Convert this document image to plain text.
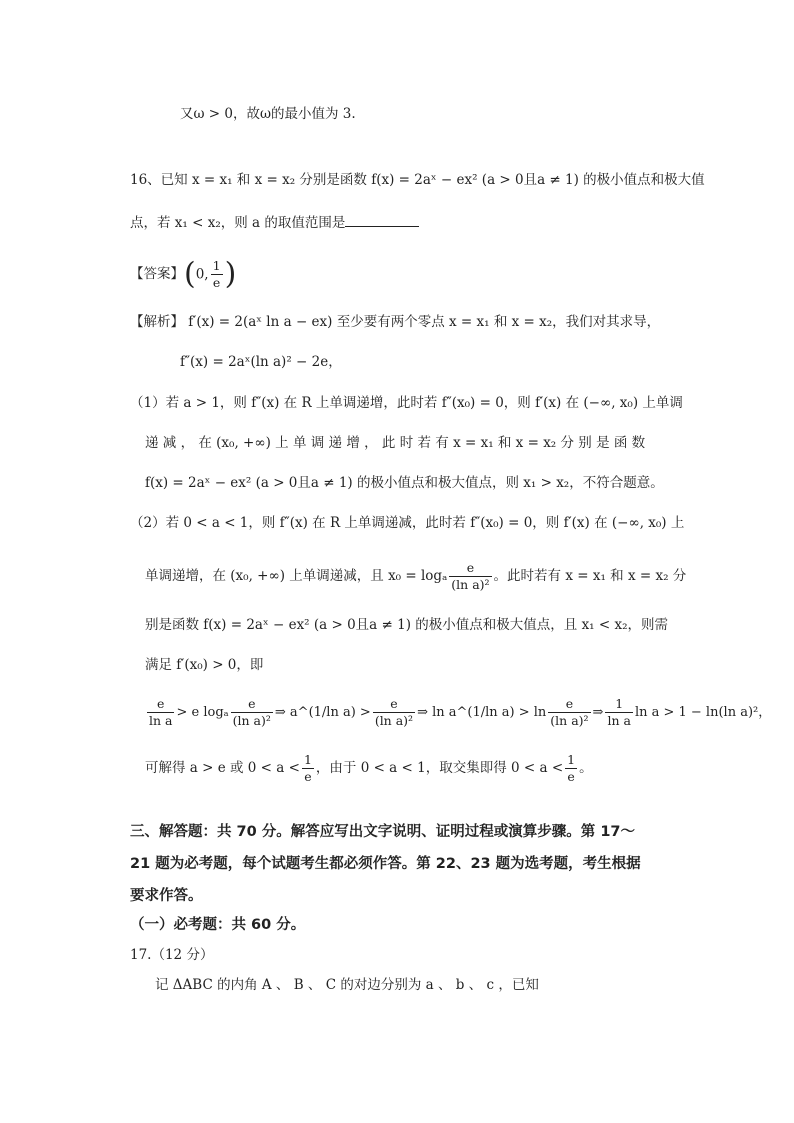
又ω > 0，故ω的最小值为 3.
16、已知 x = x₁ 和 x = x₂ 分别是函数 f(x) = 2aˣ − ex² (a > 0且a ≠ 1) 的极小值点和极大值
点，若 x₁ < x₂，则 a 的取值范围是
【答案】(0, $\frac{1}{e}$ )
【解析】 f′(x) = 2(aˣ ln a − ex) 至少要有两个零点 x = x₁ 和 x = x₂，我们对其求导，
f″(x) = 2aˣ(ln a)² − 2e，
（1）若 a > 1，则 f″(x) 在 R 上单调递增，此时若 f″(x₀) = 0，则 f′(x) 在 (−∞, x₀) 上单调
递 减 ， 在 (x₀, +∞) 上 单 调 递 增 ， 此 时 若 有 x = x₁ 和 x = x₂ 分 别 是 函 数
f(x) = 2aˣ − ex² (a > 0且a ≠ 1) 的极小值点和极大值点，则 x₁ > x₂，不符合题意。
（2）若 0 < a < 1，则 f″(x) 在 R 上单调递减，此时若 f″(x₀) = 0，则 f′(x) 在 (−∞, x₀) 上
单调递增，在 (x₀, +∞) 上单调递减，且 x₀ = logₐ $\frac{e}{\text{(ln a)²}}$ 。此时若有 x = x₁ 和 x = x₂ 分
别是函数 f(x) = 2aˣ − ex² (a > 0且a ≠ 1) 的极小值点和极大值点，且 x₁ < x₂，则需
满足 f′(x₀) > 0，即
$\frac{e}{\text{ln a}} > e$ logₐ $\frac{e}{\text{(ln a)²}}$ ⇒ a^(1/ln $a) > \frac{e}{\text{(ln a)²}}$ ⇒ ln a^(1/ln $a) > \ln \frac{e}{\text{(ln a)²}}$ ⇒ $\frac{1}{\text{ln a}}$ ln a > 1 − ln(ln a)²，
可解得 a > e 或 $0 < a < \frac{1}{e}$ ，由于 0 < a < 1，取交集即得 $0 < a < \frac{1}{e}$ 。
三、解答题：共 70 分。解答应写出文字说明、证明过程或演算步骤。第 17～
21 题为必考题，每个试题考生都必须作答。第 22、23 题为选考题，考生根据
要求作答。
（一）必考题：共 60 分。
17.（12 分）
记 ΔABC 的内角 A 、 B 、 C 的对边分别为 a 、 b 、 c ，已知
